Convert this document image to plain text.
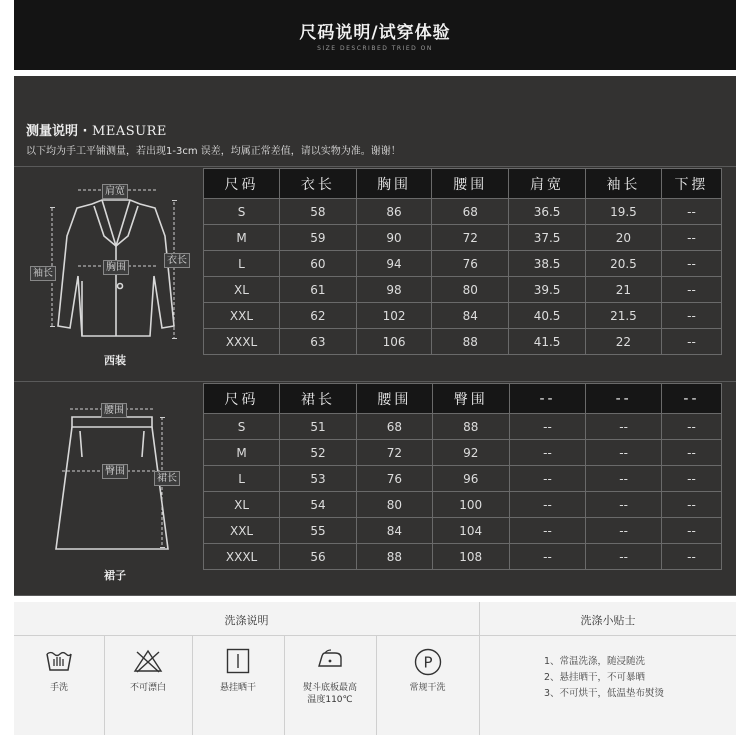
尺码说明/试穿体验
SIZE DESCRIBED TRIED ON
测量说明 · MEASURE
以下均为手工平铺测量，若出现1-3cm 误差，均属正常差值，请以实物为准。谢谢！
肩宽
胸围
衣长
袖长
西装
尺码	衣长	胸围	腰围	肩宽	袖长	下摆
S	58	86	68	36.5	19.5	--
M	59	90	72	37.5	20	--
L	60	94	76	38.5	20.5	--
XL	61	98	80	39.5	21	--
XXL	62	102	84	40.5	21.5	--
XXXL	63	106	88	41.5	22	--
腰围
臀围
裙长
裙子
尺码	裙长	腰围	臀围	--	--	--
S	51	68	88	--	--	--
M	52	72	92	--	--	--
L	53	76	96	--	--	--
XL	54	80	100	--	--	--
XXL	55	84	104	--	--	--
XXXL	56	88	108	--	--	--
洗涤说明
手洗	不可漂白	悬挂晒干	熨斗底板最高
温度110℃
P
常规干洗
洗涤小贴士
1、常温洗涤，随浸随洗
2、悬挂晒干，不可暴晒
3、不可烘干，低温垫布熨烫
